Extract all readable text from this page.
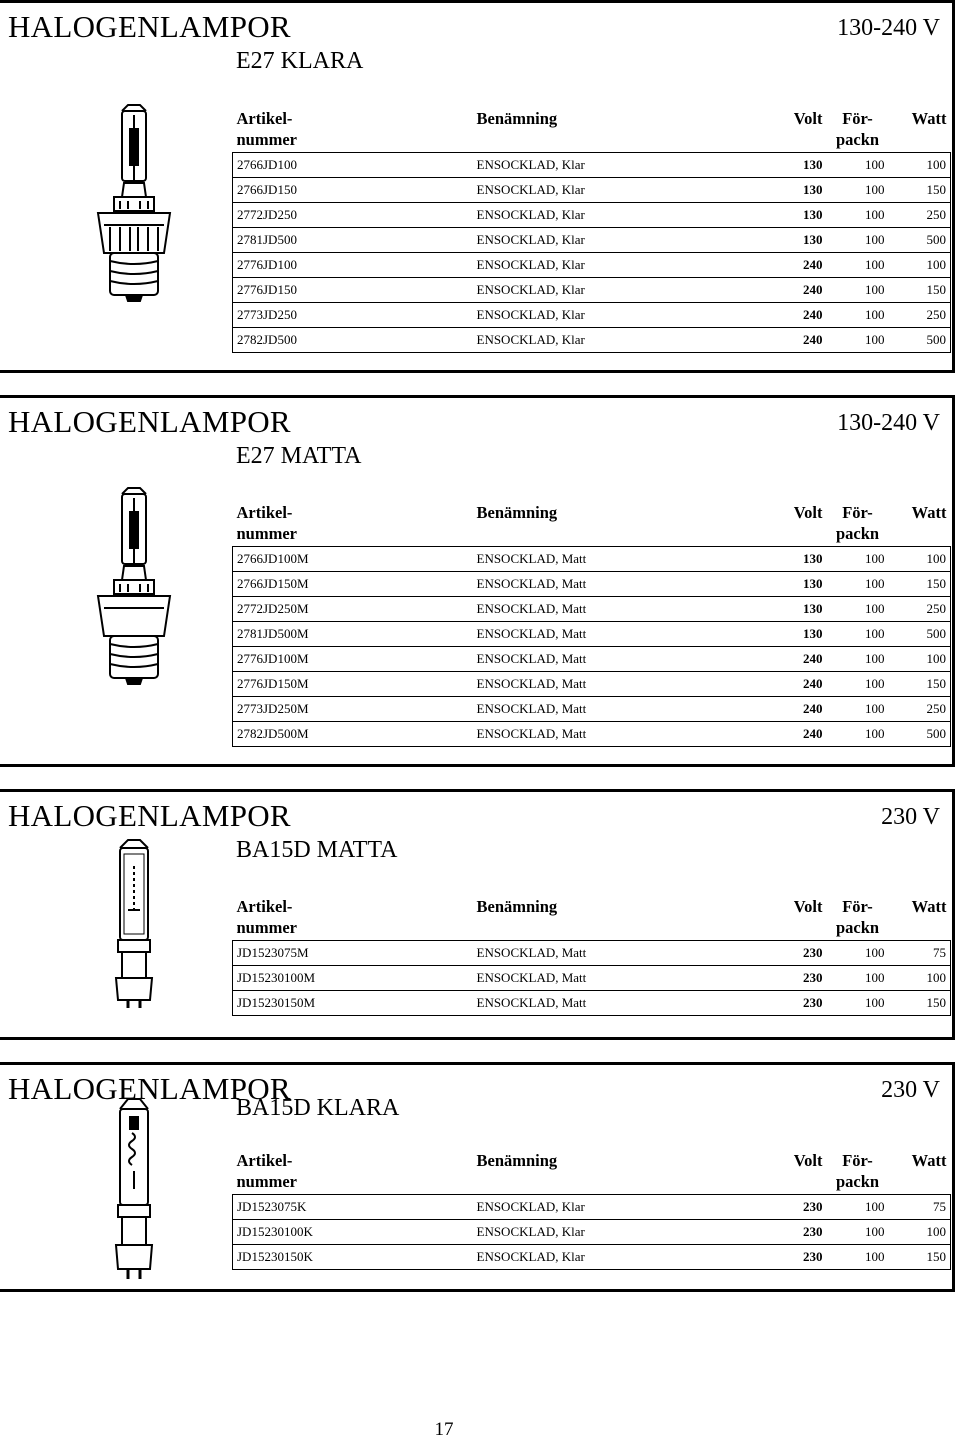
HALOGENLAMPOR	130-240 V
E27 KLARA
Artikel-	Benämning	Volt	För-	Watt
nummer			packn	
2766JD100	ENSOCKLAD, Klar	130	100	100
2766JD150	ENSOCKLAD, Klar	130	100	150
2772JD250	ENSOCKLAD, Klar	130	100	250
2781JD500	ENSOCKLAD, Klar	130	100	500
2776JD100	ENSOCKLAD, Klar	240	100	100
2776JD150	ENSOCKLAD, Klar	240	100	150
2773JD250	ENSOCKLAD, Klar	240	100	250
2782JD500	ENSOCKLAD, Klar	240	100	500
HALOGENLAMPOR	130-240 V
E27 MATTA
Artikel-	Benämning	Volt	För-	Watt
nummer			packn	
2766JD100M	ENSOCKLAD, Matt	130	100	100
2766JD150M	ENSOCKLAD, Matt	130	100	150
2772JD250M	ENSOCKLAD, Matt	130	100	250
2781JD500M	ENSOCKLAD, Matt	130	100	500
2776JD100M	ENSOCKLAD, Matt	240	100	100
2776JD150M	ENSOCKLAD, Matt	240	100	150
2773JD250M	ENSOCKLAD, Matt	240	100	250
2782JD500M	ENSOCKLAD, Matt	240	100	500
HALOGENLAMPOR	230 V
BA15D MATTA
Artikel-	Benämning	Volt	För-	Watt
nummer			packn	
JD1523075M	ENSOCKLAD, Matt	230	100	75
JD15230100M	ENSOCKLAD, Matt	230	100	100
JD15230150M	ENSOCKLAD, Matt	230	100	150
HALOGENLAMPOR	230 V
BA15D KLARA
Artikel-	Benämning	Volt	För-	Watt
nummer			packn	
JD1523075K	ENSOCKLAD, Klar	230	100	75
JD15230100K	ENSOCKLAD, Klar	230	100	100
JD15230150K	ENSOCKLAD, Klar	230	100	150
17
